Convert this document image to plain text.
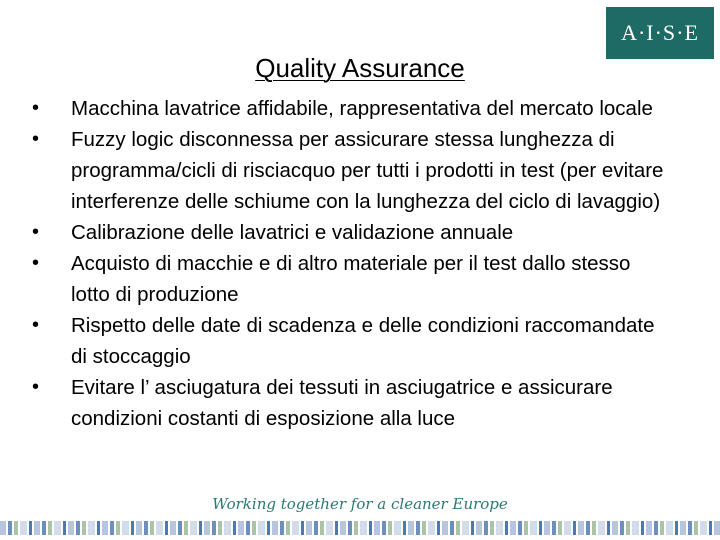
A·I·S·E
Quality Assurance
•	Macchina lavatrice affidabile, rappresentativa del mercato locale
•	Fuzzy logic disconnessa per assicurare stessa lunghezza di programma/cicli di risciacquo per tutti i prodotti in test (per evitare interferenze delle schiume con la lunghezza del ciclo di lavaggio)
•	Calibrazione delle lavatrici e validazione annuale
•	Acquisto di macchie e di altro materiale per il test dallo stesso lotto di produzione
•	Rispetto delle date di scadenza e delle condizioni raccomandate di stoccaggio
•	Evitare l’ asciugatura dei tessuti in asciugatrice e assicurare condizioni costanti di esposizione alla luce
Working together for a cleaner Europe
